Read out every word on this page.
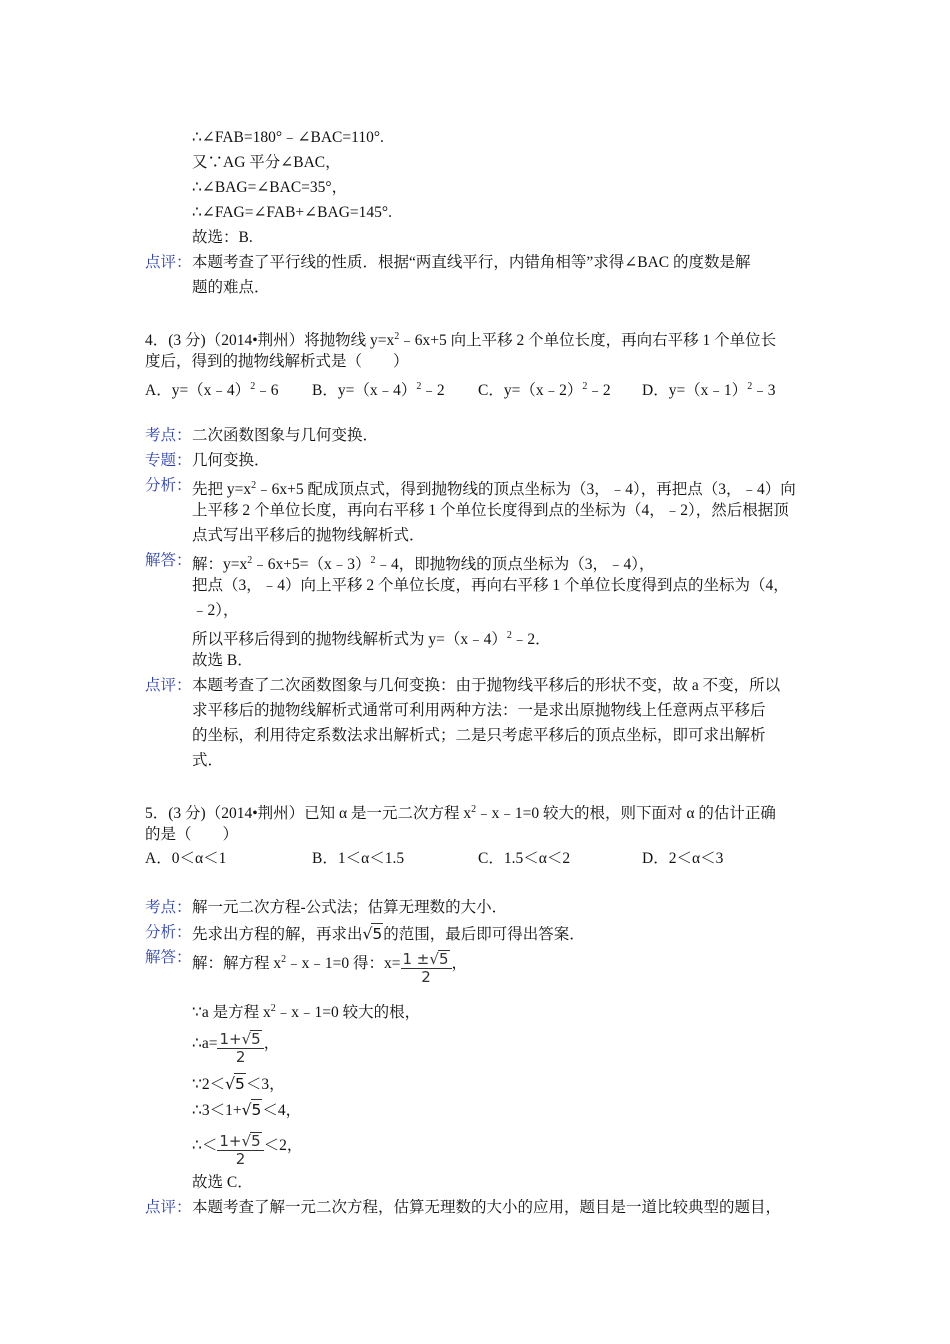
∴∠FAB=180°﹣∠BAC=110°.
又∵AG 平分∠BAC，
∴∠BAG=∠BAC=35°，
∴∠FAG=∠FAB+∠BAG=145°.
故选：B.
点评： 本题考查了平行线的性质．根据“两直线平行，内错角相等”求得∠BAC 的度数是解
题的难点．
4．(3 分)（2014•荆州）将抛物线 $y=x^2﹣6x+5$ 向上平移 2 个单位长度，再向右平移 1 个单位长
度后，得到的抛物线解析式是（　　）
A．y=（x﹣4）$^2$﹣6 B．y=（x﹣4）$^2$﹣2 C．y=（x﹣2）$^2$﹣2 D．y=（x﹣1）$^2$﹣3
考点： 二次函数图象与几何变换．
专题： 几何变换．
分析： 先把 $y=x^2﹣6x+5$ 配成顶点式，得到抛物线的顶点坐标为（3，﹣4），再把点（3，﹣4）向
上平移 2 个单位长度，再向右平移 1 个单位长度得到点的坐标为（4，﹣2），然后根据顶
点式写出平移后的抛物线解析式．
解答： 解：$y=x^2﹣6x+5=(x﹣3)^2﹣4$，即抛物线的顶点坐标为（3，﹣4），
把点（3，﹣4）向上平移 2 个单位长度，再向右平移 1 个单位长度得到点的坐标为（4，
﹣2），
所以平移后得到的抛物线解析式为 y=（x﹣4）$^2$﹣2．
故选 B．
点评： 本题考查了二次函数图象与几何变换：由于抛物线平移后的形状不变，故 a 不变，所以
求平移后的抛物线解析式通常可利用两种方法：一是求出原抛物线上任意两点平移后
的坐标，利用待定系数法求出解析式；二是只考虑平移后的顶点坐标，即可求出解析
式．
5．(3 分)（2014•荆州）已知 α 是一元二次方程 $x^2﹣x﹣1=0$ 较大的根，则下面对 α 的估计正确
的是（　　）
A．0＜α＜1	B．1＜α＜1.5	C．1.5＜α＜2	D．2＜α＜3
考点： 解一元二次方程-公式法；估算无理数的大小．
分析： 先求出方程的解，再求出√5的范围，最后即可得出答案．
解答： 解：解方程 $x^2﹣x﹣1=0$ 得：$x= \frac{1 \pm√5}{2}$ ，
∵a 是方程 $x^2﹣x﹣1=0$ 较大的根，
∴a= $\frac{1+√5}{2}$ ，
∵2＜√5＜3，
∴3＜1+√5＜4，
∴＜ $\frac{1+√5}{2} <2$，
故选 C．
点评： 本题考查了解一元二次方程，估算无理数的大小的应用，题目是一道比较典型的题目，
